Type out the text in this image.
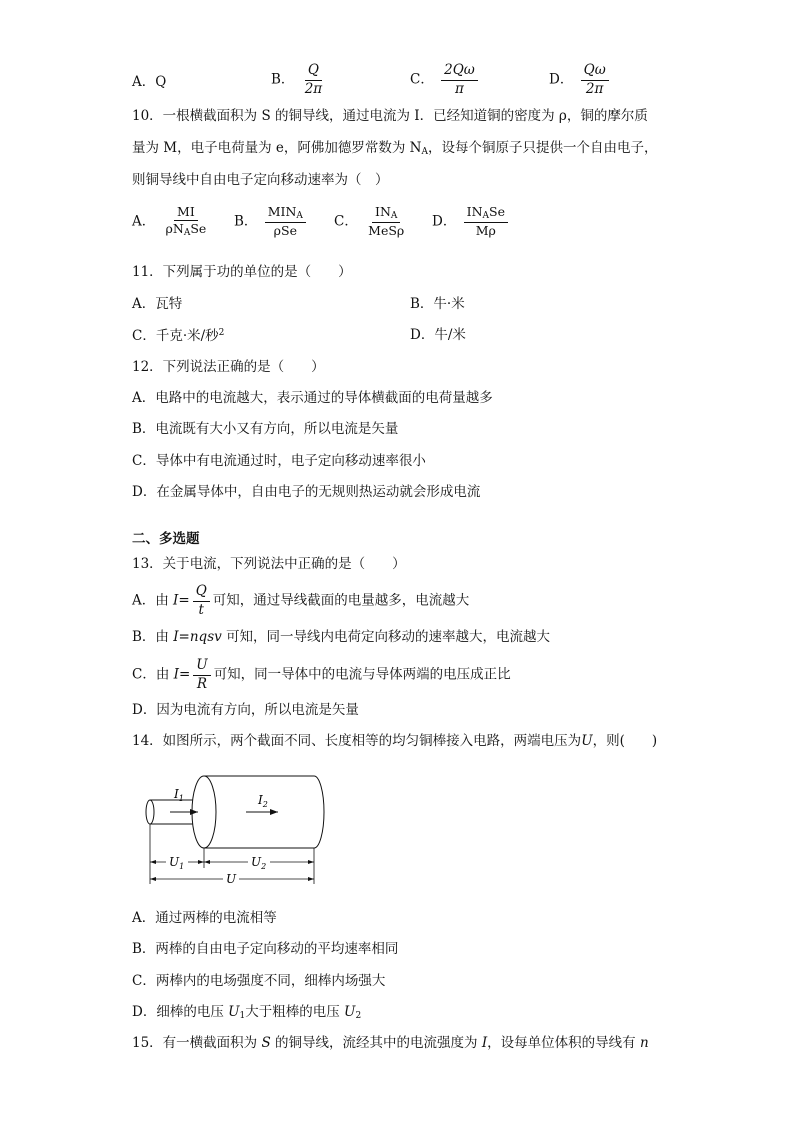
A．Q	B． $\frac{Q}{2\pi}$	C． $\frac{2Q\omega}{\pi}$	D． $\frac{Q\omega}{2\pi}$
10．一根横截面积为 S 的铜导线，通过电流为 I．已经知道铜的密度为 ρ，铜的摩尔质
量为 M，电子电荷量为 e，阿佛加德罗常数为 $N_A$，设每个铜原子只提供一个自由电子，
则铜导线中自由电子定向移动速率为（　）
A． $\frac{MI}{\rho N_ASe}$ B． $\frac{MIN_A}{\text{ρSe}}$ C． $\frac{IN_A}{\text{MeSρ}}$ D． $\frac{IN_ASe}{M\rho}$
11．下列属于功的单位的是（　　）
A．瓦特	B．牛·米
C．千克·米/秒$^2$	D．牛/米
12．下列说法正确的是（　　）
A．电路中的电流越大，表示通过的导体横截面的电荷量越多
B．电流既有大小又有方向，所以电流是矢量
C．导体中有电流通过时，电子定向移动速率很小
D．在金属导体中，自由电子的无规则热运动就会形成电流
二、多选题
13．关于电流，下列说法中正确的是（　　）
A．由 $I= \frac{Q}{t}$ 可知，通过导线截面的电量越多，电流越大
B．由 I=nqsv 可知，同一导线内电荷定向移动的速率越大，电流越大
C．由 $I= \frac{U}{R}$ 可知，同一导体中的电流与导体两端的电压成正比
D．因为电流有方向，所以电流是矢量
14．如图所示，两个截面不同、长度相等的均匀铜棒接入电路，两端电压为U，则(　　)
$I_1$	$I_2$
$U_1$	$U_2$
U
A．通过两棒的电流相等
B．两棒的自由电子定向移动的平均速率相同
C．两棒内的电场强度不同，细棒内场强大
D．细棒的电压 $U_1$大于粗棒的电压 $U_2$
15．有一横截面积为 S 的铜导线，流经其中的电流强度为 I，设每单位体积的导线有 n
